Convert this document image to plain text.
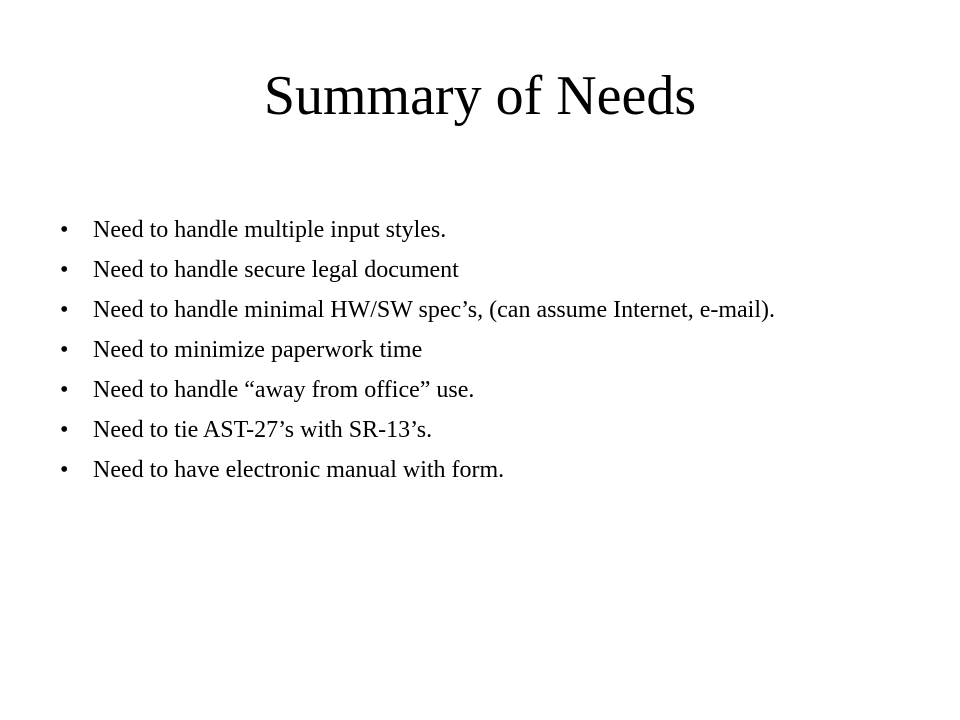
Summary of Needs
•	Need to handle multiple input styles.
•	Need to handle secure legal document
•	Need to handle minimal HW/SW spec’s, (can assume Internet, e-mail).
•	Need to minimize paperwork time
•	Need to handle “away from office” use.
•	Need to tie AST-27’s with SR-13’s.
•	Need to have electronic manual with form.
